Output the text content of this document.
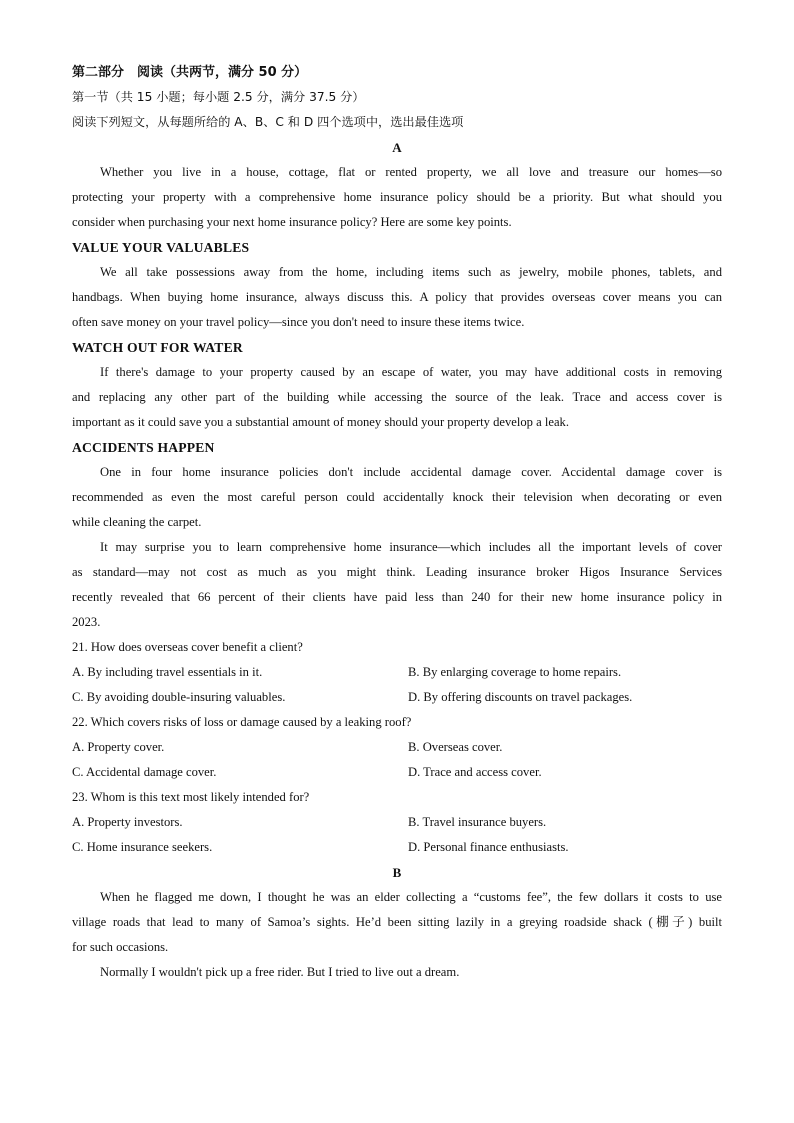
第二部分　阅读（共两节，满分 50 分）
第一节（共 15 小题；每小题 2.5 分，满分 37.5 分）
阅读下列短文，从每题所给的 A、B、C 和 D 四个选项中，选出最佳选项
A
Whether you live in a house, cottage, flat or rented property, we all love and treasure our homes—so
protecting your property with a comprehensive home insurance policy should be a priority. But what should you
consider when purchasing your next home insurance policy? Here are some key points.
VALUE YOUR VALUABLES
We all take possessions away from the home, including items such as jewelry, mobile phones, tablets, and
handbags. When buying home insurance, always discuss this. A policy that provides overseas cover means you can
often save money on your travel policy—since you don't need to insure these items twice.
WATCH OUT FOR WATER
If there's damage to your property caused by an escape of water, you may have additional costs in removing
and replacing any other part of the building while accessing the source of the leak. Trace and access cover is
important as it could save you a substantial amount of money should your property develop a leak.
ACCIDENTS HAPPEN
One in four home insurance policies don't include accidental damage cover. Accidental damage cover is
recommended as even the most careful person could accidentally knock their television when decorating or even
while cleaning the carpet.
It may surprise you to learn comprehensive home insurance—which includes all the important levels of cover
as standard—may not cost as much as you might think. Leading insurance broker Higos Insurance Services
recently revealed that 66 percent of their clients have paid less than 240 for their new home insurance policy in
2023.
21. How does overseas cover benefit a client?
A. By including travel essentials in it.	B. By enlarging coverage to home repairs.
C. By avoiding double-insuring valuables.	D. By offering discounts on travel packages.
22. Which covers risks of loss or damage caused by a leaking roof?
A. Property cover.	B. Overseas cover.
C. Accidental damage cover.	D. Trace and access cover.
23. Whom is this text most likely intended for?
A. Property investors.	B. Travel insurance buyers.
C. Home insurance seekers.	D. Personal finance enthusiasts.
B
When he flagged me down, I thought he was an elder collecting a “customs fee”, the few dollars it costs to use
village roads that lead to many of Samoa’s sights. He’d been sitting lazily in a greying roadside shack (棚子) built
for such occasions.
Normally I wouldn't pick up a free rider. But I tried to live out a dream.
